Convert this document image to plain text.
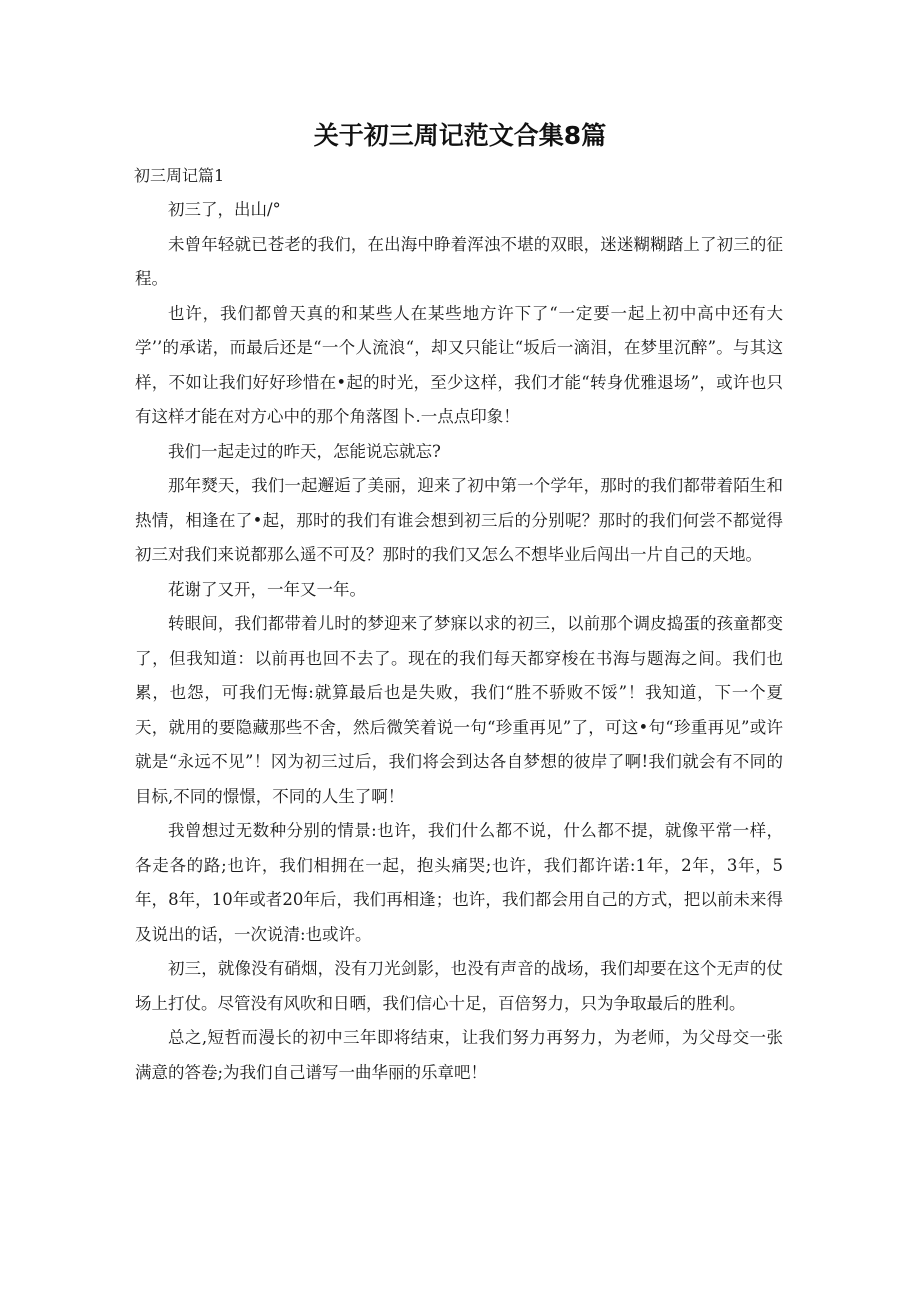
关于初三周记范文合集8篇
初三周记篇1

初三了，出山/°

未曾年轻就已苍老的我们，在出海中睁着浑浊不堪的双眼，迷迷糊糊踏上了初三的征程。

也许，我们都曾天真的和某些人在某些地方许下了“一定要一起上初中高中还有大学’’的承诺，而最后还是“一个人流浪“，却又只能让“坂后一滴泪，在梦里沉醉”。与其这样，不如让我们好好珍惜在•起的时光，至少这样，我们才能“转身优雅退场”，或许也只有这样才能在对方心中的那个角落图卜.一点点印象！

我们一起走过的昨天，怎能说忘就忘?

那年燹天，我们一起邂逅了美丽，迎来了初中第一个学年，那时的我们都带着陌生和热情，相逢在了•起，那时的我们有谁会想到初三后的分别呢？那时的我们何尝不都觉得初三对我们来说都那么遥不可及？那时的我们又怎么不想毕业后闯出一片自己的天地。

花谢了又开，一年又一年。

转眼间，我们都带着儿时的梦迎来了梦寐以求的初三，以前那个调皮捣蛋的孩童都变了，但我知道：以前再也回不去了。现在的我们每天都穿梭在书海与题海之间。我们也累，也怨，可我们无悔:就算最后也是失败，我们“胜不骄败不馁”！我知道，下一个夏天，就用的要隐藏那些不舍，然后微笑着说一句“珍重再见”了，可这•句“珍重再见”或许就是“永远不见”！冈为初三过后，我们将会到达各自梦想的彼岸了啊!我们就会有不同的目标,不同的憬憬，不同的人生了啊！

我曾想过无数种分别的情景:也许，我们什么都不说，什么都不提，就像平常一样，各走各的路;也许，我们相拥在一起，抱头痛哭;也许，我们都许诺:1年，2年，3年，5年，8年，10年或者20年后，我们再相逢；也许，我们都会用自己的方式，把以前未来得及说出的话，一次说清:也或许。

初三，就像没有硝烟，没有刀光剑影，也没有声音的战场，我们却要在这个无声的仗场上打仗。尽管没有风吹和日晒，我们信心十足，百倍努力，只为争取最后的胜利。

总之,短哲而漫长的初中三年即将结束，让我们努力再努力，为老师，为父母交一张满意的答卷;为我们自己谱写一曲华丽的乐章吧！
